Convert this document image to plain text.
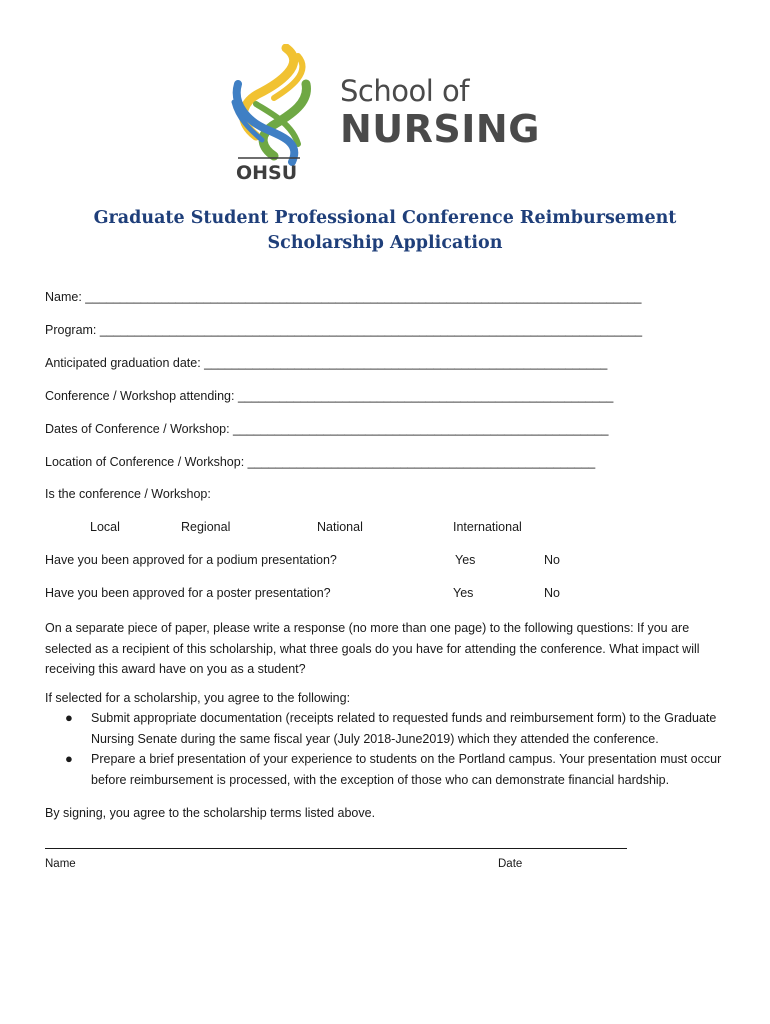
School of
NURSING
OHSU
Graduate Student Professional Conference Reimbursement
Scholarship Application
Name: ________________________________________________________________________________
Program: ______________________________________________________________________________
Anticipated graduation date: __________________________________________________________
Conference / Workshop attending: ______________________________________________________
Dates of Conference / Workshop: ______________________________________________________
Location of Conference / Workshop: __________________________________________________
Is the conference / Workshop:
Local	Regional	National	International
Have you been approved for a podium presentation?	Yes	No
Have you been approved for a poster presentation?	Yes	No
On a separate piece of paper, please write a response (no more than one page) to the following questions: If you are selected as a recipient of this scholarship, what three goals do you have for attending the conference. What impact will receiving this award have on you as a student?
If selected for a scholarship, you agree to the following:
● Submit appropriate documentation (receipts related to requested funds and reimbursement form) to the Graduate Nursing Senate during the same fiscal year (July 2018-June2019) which they attended the conference.
● Prepare a brief presentation of your experience to students on the Portland campus. Your presentation must occur before reimbursement is processed, with the exception of those who can demonstrate financial hardship.
By signing, you agree to the scholarship terms listed above.
Name	Date
